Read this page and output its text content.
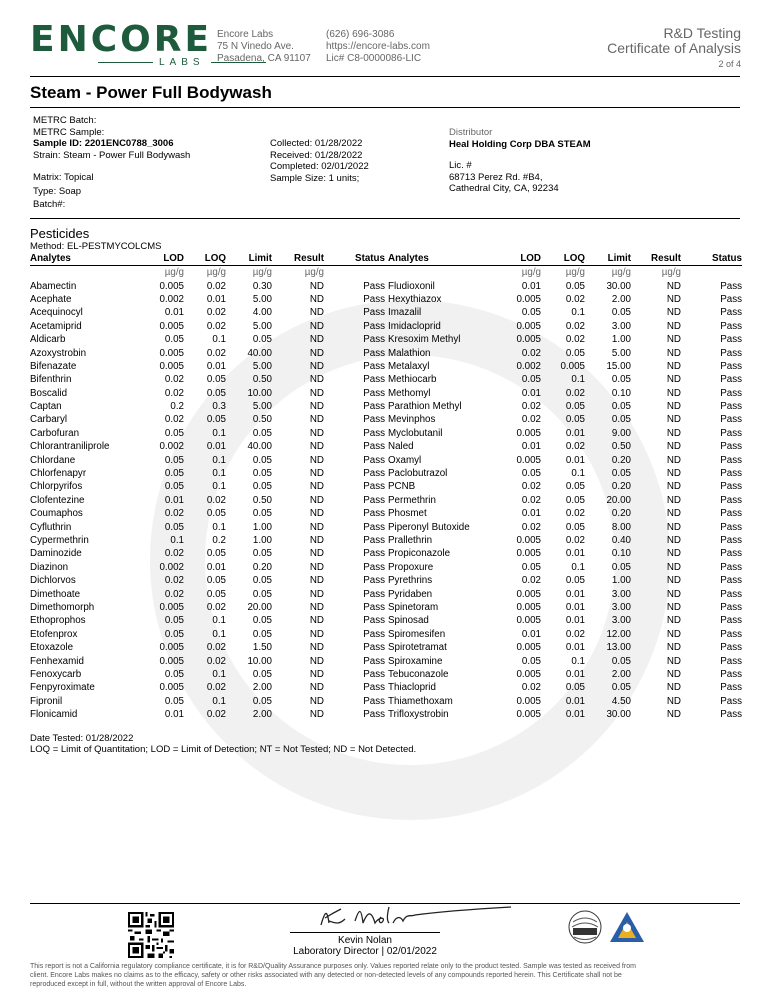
ENCORE
LABS
Encore Labs
75 N Vinedo Ave.
Pasadena, CA 91107
(626) 696-3086
https://encore-labs.com
Lic# C8-0000086-LIC
R&D Testing
Certificate of Analysis
2 of 4
Steam - Power Full Bodywash
METRC Batch:
METRC Sample:
Sample ID: 2201ENC0788_3006
Strain: Steam - Power Full Bodywash
Matrix: Topical
Type: Soap
Batch#:
Collected: 01/28/2022
Received: 01/28/2022
Completed: 02/01/2022
Sample Size: 1 units;
Distributor
Heal Holding Corp DBA STEAM
Lic. #
68713 Perez Rd. #B4,
Cathedral City, CA, 92234
Pesticides
Method: EL-PESTMYCOLCMS
Analytes	LOD	LOQ	Limit	Result	Status	Analytes	LOD	LOQ	Limit	Result	Status
	µg/g	µg/g	µg/g	µg/g			µg/g	µg/g	µg/g	µg/g	
Abamectin	0.005	0.02	0.30	ND	Pass	Fludioxonil	0.01	0.05	30.00	ND	Pass
Acephate	0.002	0.01	5.00	ND	Pass	Hexythiazox	0.005	0.02	2.00	ND	Pass
Acequinocyl	0.01	0.02	4.00	ND	Pass	Imazalil	0.05	0.1	0.05	ND	Pass
Acetamiprid	0.005	0.02	5.00	ND	Pass	Imidacloprid	0.005	0.02	3.00	ND	Pass
Aldicarb	0.05	0.1	0.05	ND	Pass	Kresoxim Methyl	0.005	0.02	1.00	ND	Pass
Azoxystrobin	0.005	0.02	40.00	ND	Pass	Malathion	0.02	0.05	5.00	ND	Pass
Bifenazate	0.005	0.01	5.00	ND	Pass	Metalaxyl	0.002	0.005	15.00	ND	Pass
Bifenthrin	0.02	0.05	0.50	ND	Pass	Methiocarb	0.05	0.1	0.05	ND	Pass
Boscalid	0.02	0.05	10.00	ND	Pass	Methomyl	0.01	0.02	0.10	ND	Pass
Captan	0.2	0.3	5.00	ND	Pass	Parathion Methyl	0.02	0.05	0.05	ND	Pass
Carbaryl	0.02	0.05	0.50	ND	Pass	Mevinphos	0.02	0.05	0.05	ND	Pass
Carbofuran	0.05	0.1	0.05	ND	Pass	Myclobutanil	0.005	0.01	9.00	ND	Pass
Chlorantraniliprole	0.002	0.01	40.00	ND	Pass	Naled	0.01	0.02	0.50	ND	Pass
Chlordane	0.05	0.1	0.05	ND	Pass	Oxamyl	0.005	0.01	0.20	ND	Pass
Chlorfenapyr	0.05	0.1	0.05	ND	Pass	Paclobutrazol	0.05	0.1	0.05	ND	Pass
Chlorpyrifos	0.05	0.1	0.05	ND	Pass	PCNB	0.02	0.05	0.20	ND	Pass
Clofentezine	0.01	0.02	0.50	ND	Pass	Permethrin	0.02	0.05	20.00	ND	Pass
Coumaphos	0.02	0.05	0.05	ND	Pass	Phosmet	0.01	0.02	0.20	ND	Pass
Cyfluthrin	0.05	0.1	1.00	ND	Pass	Piperonyl Butoxide	0.02	0.05	8.00	ND	Pass
Cypermethrin	0.1	0.2	1.00	ND	Pass	Prallethrin	0.005	0.02	0.40	ND	Pass
Daminozide	0.02	0.05	0.05	ND	Pass	Propiconazole	0.005	0.01	0.10	ND	Pass
Diazinon	0.002	0.01	0.20	ND	Pass	Propoxure	0.05	0.1	0.05	ND	Pass
Dichlorvos	0.02	0.05	0.05	ND	Pass	Pyrethrins	0.02	0.05	1.00	ND	Pass
Dimethoate	0.02	0.05	0.05	ND	Pass	Pyridaben	0.005	0.01	3.00	ND	Pass
Dimethomorph	0.005	0.02	20.00	ND	Pass	Spinetoram	0.005	0.01	3.00	ND	Pass
Ethoprophos	0.05	0.1	0.05	ND	Pass	Spinosad	0.005	0.01	3.00	ND	Pass
Etofenprox	0.05	0.1	0.05	ND	Pass	Spiromesifen	0.01	0.02	12.00	ND	Pass
Etoxazole	0.005	0.02	1.50	ND	Pass	Spirotetramat	0.005	0.01	13.00	ND	Pass
Fenhexamid	0.005	0.02	10.00	ND	Pass	Spiroxamine	0.05	0.1	0.05	ND	Pass
Fenoxycarb	0.05	0.1	0.05	ND	Pass	Tebuconazole	0.005	0.01	2.00	ND	Pass
Fenpyroximate	0.005	0.02	2.00	ND	Pass	Thiacloprid	0.02	0.05	0.05	ND	Pass
Fipronil	0.05	0.1	0.05	ND	Pass	Thiamethoxam	0.005	0.01	4.50	ND	Pass
Flonicamid	0.01	0.02	2.00	ND	Pass	Trifloxystrobin	0.005	0.01	30.00	ND	Pass
Date Tested: 01/28/2022
LOQ = Limit of Quantitation; LOD = Limit of Detection; NT = Not Tested; ND = Not Detected.
Kevin Nolan
Laboratory Director | 02/01/2022
This report is not a California regulatory compliance certificate, it is for R&D/Quality Assurance purposes only. Values reported relate only to the product tested. Sample was tested as received from client. Encore Labs makes no claims as to the efficacy, safety or other risks associated with any detected or non-detected levels of any compounds reported herein. This Certificate shall not be reproduced except in full, without the written approval of Encore Labs.
